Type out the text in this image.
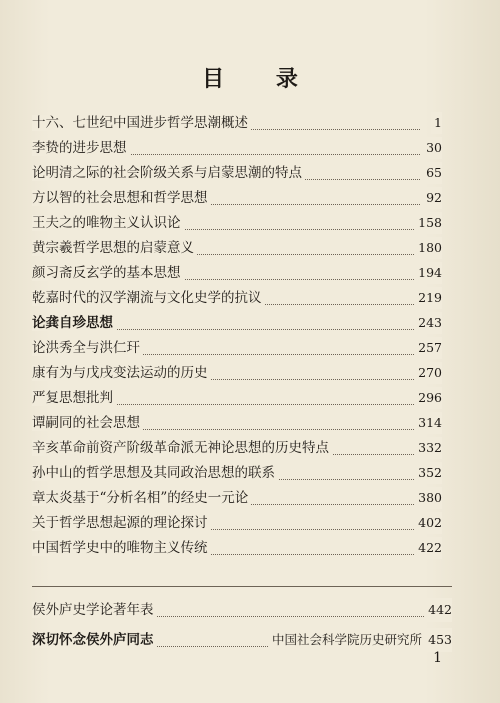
目 录
十六、七世纪中国进步哲学思潮概述	1
李贽的进步思想	30
论明清之际的社会阶级关系与启蒙思潮的特点	65
方以智的社会思想和哲学思想	92
王夫之的唯物主义认识论	158
黄宗羲哲学思想的启蒙意义	180
颜习斋反玄学的基本思想	194
乾嘉时代的汉学潮流与文化史学的抗议	219
论龚自珍思想	243
论洪秀全与洪仁玕	257
康有为与戊戌变法运动的历史	270
严复思想批判	296
谭嗣同的社会思想	314
辛亥革命前资产阶级革命派无神论思想的历史特点	332
孙中山的哲学思想及其同政治思想的联系	352
章太炎基于“分析名相”的经史一元论	380
关于哲学思想起源的理论探讨	402
中国哲学史中的唯物主义传统	422
侯外庐史学论著年表	442
深切怀念侯外庐同志	中国社会科学院历史研究所 453
1
